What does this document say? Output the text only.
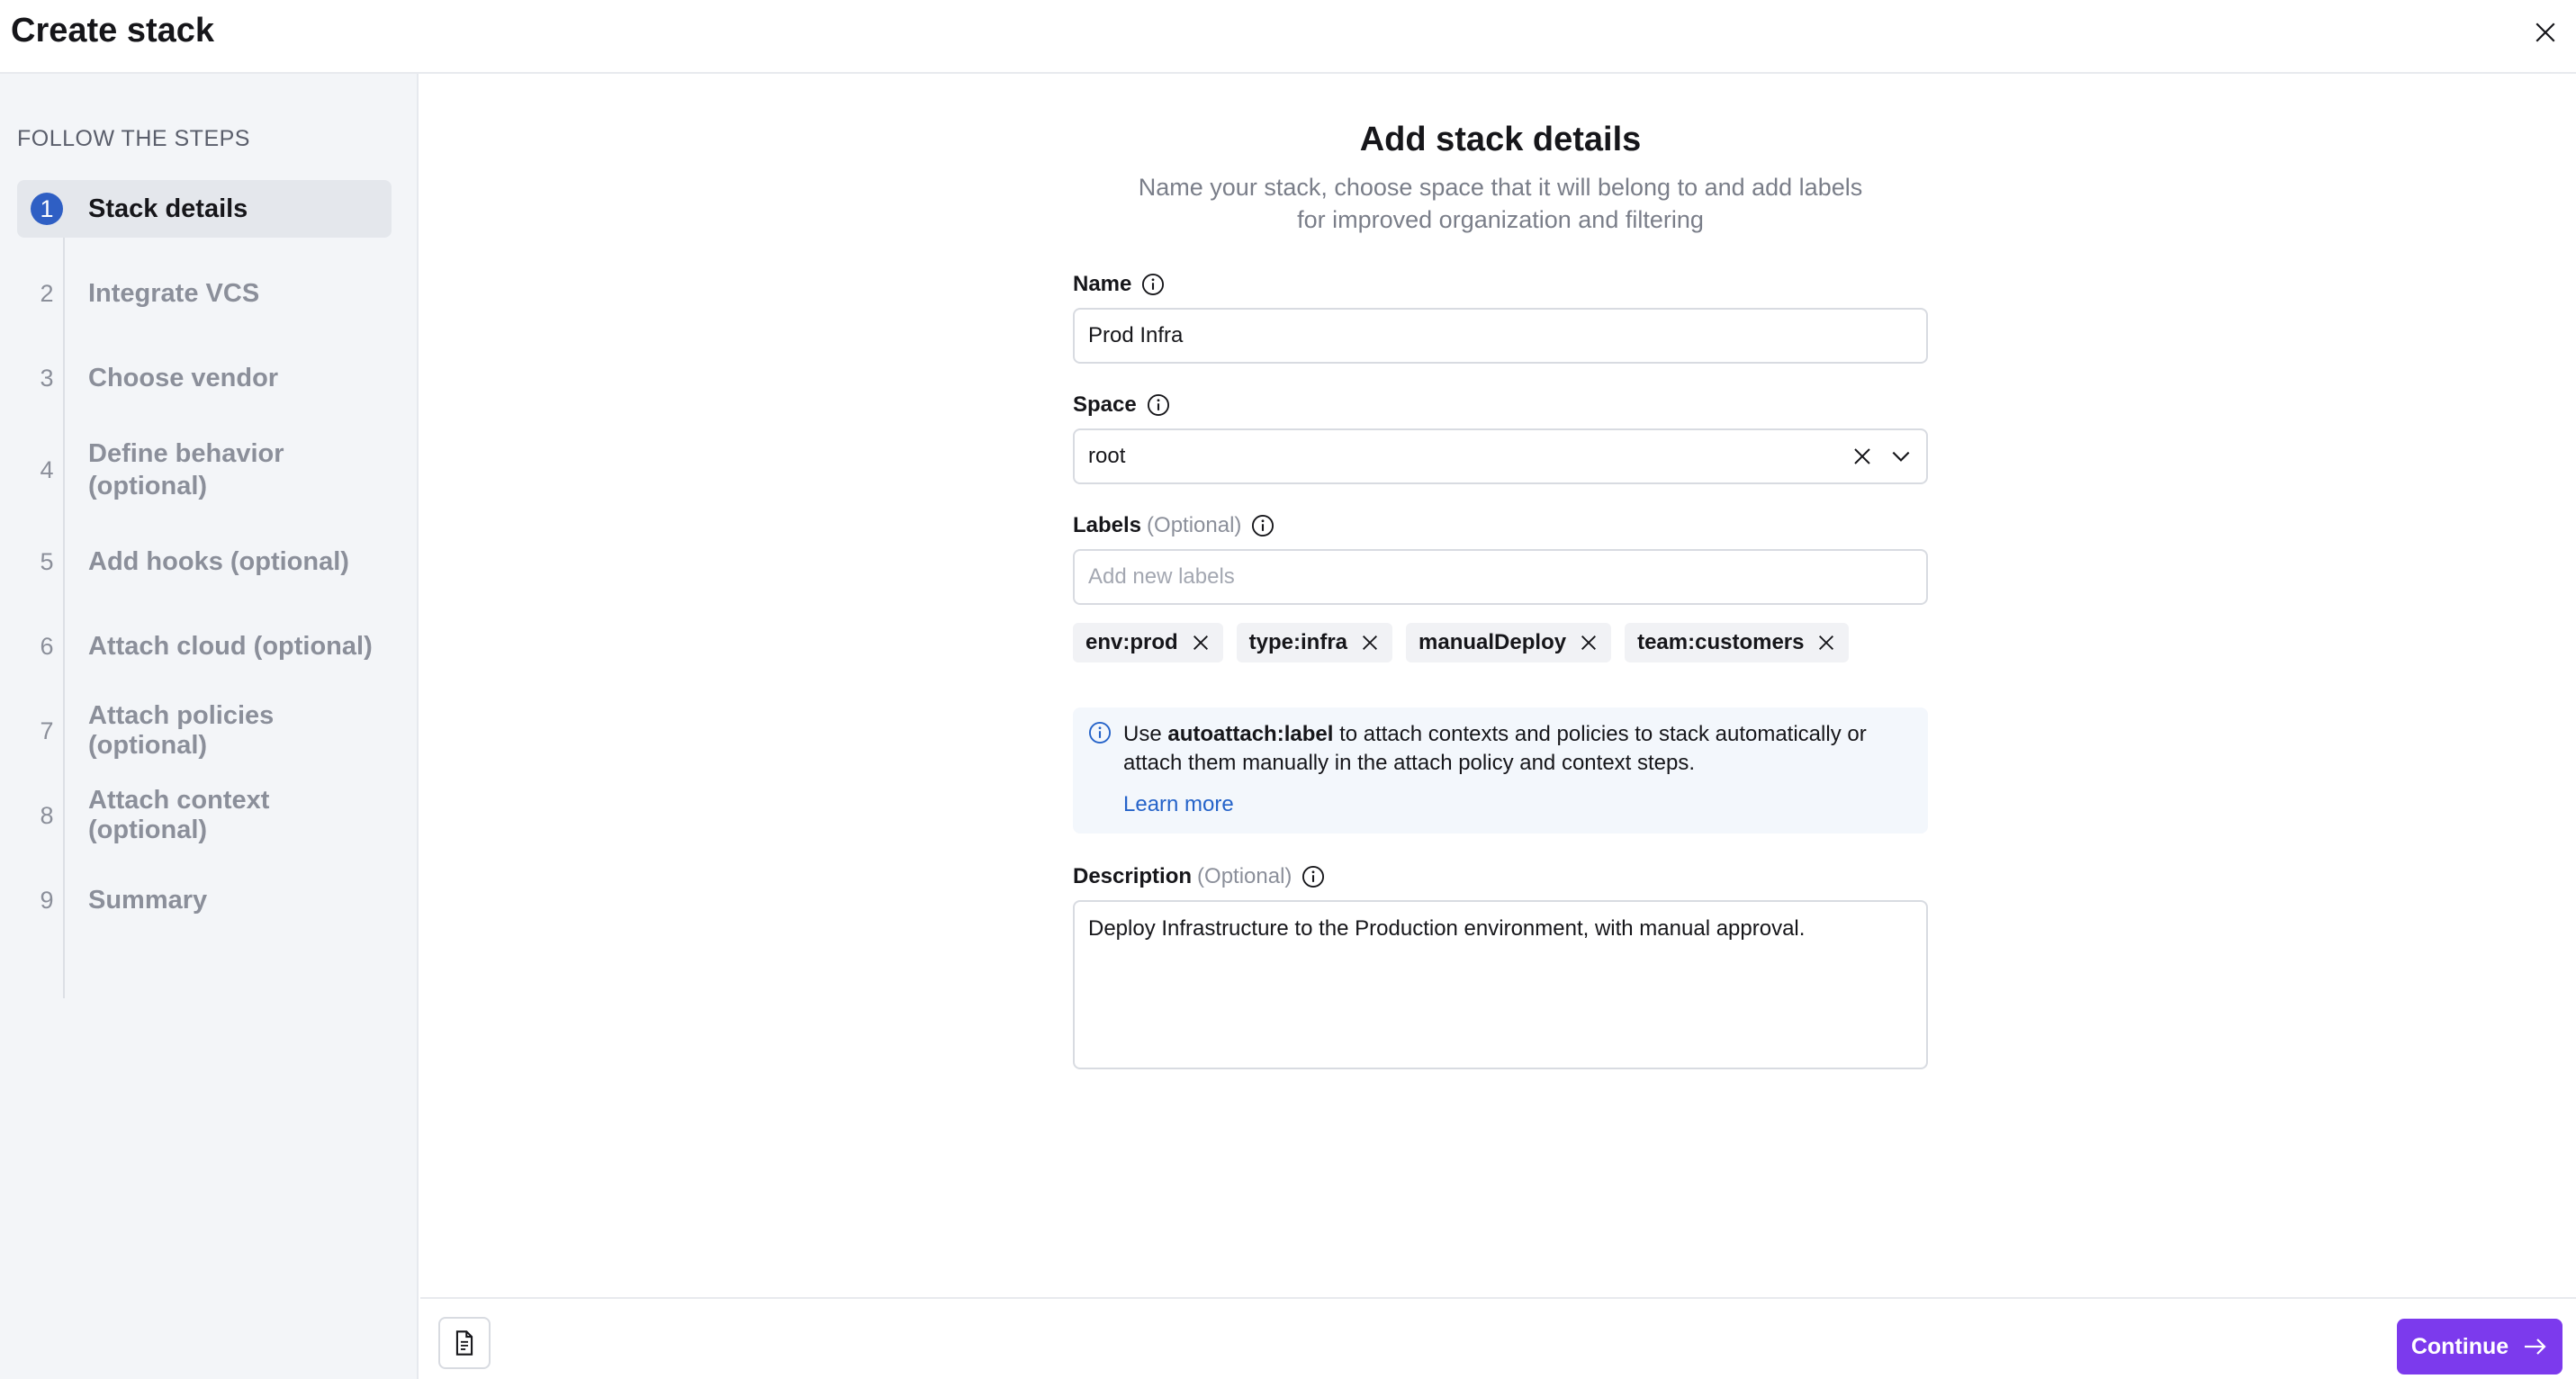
Create stack
FOLLOW THE STEPS
1	Stack details
2	Integrate VCS
3	Choose vendor
4
Define behavior (optional)
5	Add hooks (optional)
6	Attach cloud (optional)
7
Attach policies (optional)
8
Attach context (optional)
9	Summary
Add stack details
Name your stack, choose space that it will belong to and add labels for improved organization and filtering
Name
Prod Infra
Space
root
Labels (Optional)
Add new labels
env:prod	type:infra	manualDeploy	team:customers
Use autoattach:label to attach contexts and policies to stack automatically or attach them manually in the attach policy and context steps.
Learn more
Description (Optional)
Deploy Infrastructure to the Production environment, with manual approval.
Continue
